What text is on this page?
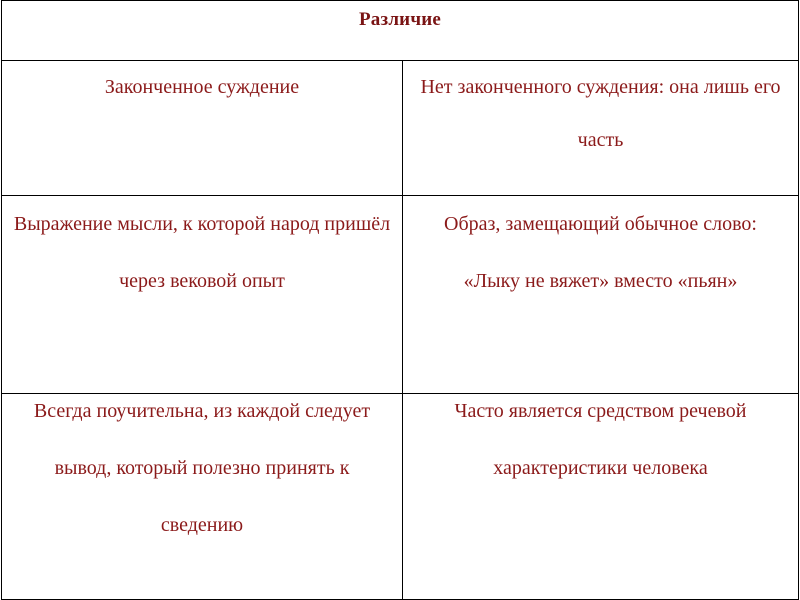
Различие	

Законченное суждение	Нет законченного суждения: она лишь его часть

Выражение мысли, к которой народ пришёл через вековой опыт	Образ, замещающий обычное слово: «Лыку не вяжет» вместо «пьян»

Всегда поучительна, из каждой следует вывод, который полезно принять к сведению	Часто является средством речевой характеристики человека
